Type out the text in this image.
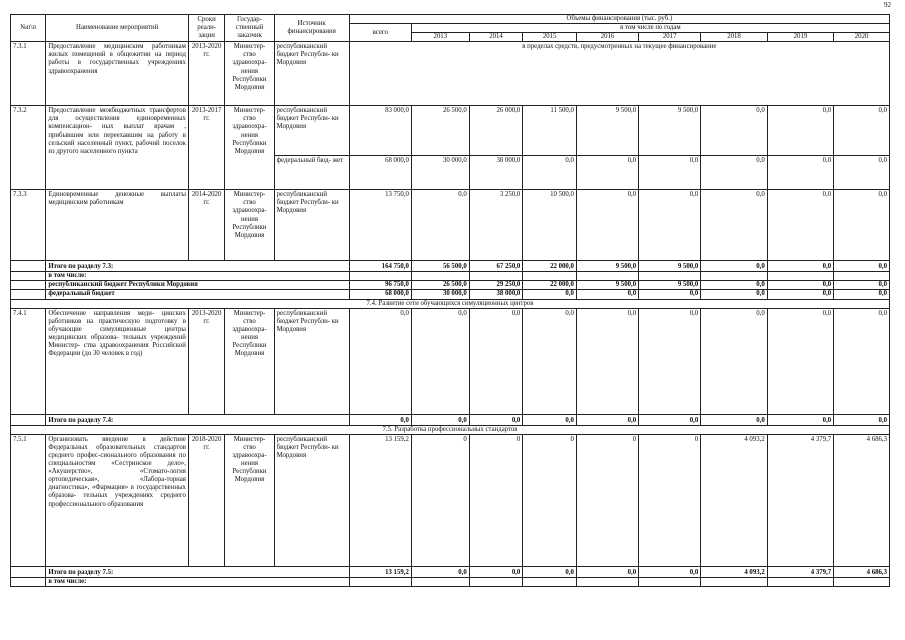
92
№п\п	Наименование мероприятий	Сроки реали- зации	Государ- ственный заказчик	Источник финансирования	Объемы финансирования (тыс. руб.)								
					всего	в том числе по годам							
						2013	2014	2015	2016	2017	2018	2019	2020
7.3.1	Предоставление медицинским работникам жилых помещений в общежитии на период работы в государственных учреждениях здравоохранения	2013-2020 гг.	Министер- ство здравоохра- нения Республики Мордовия	республиканский бюджет Республи- ки Мордовия	в пределах средств, предусмотренных на текущее финансирование								
7.3.2	Предоставление межбюджетных трансфертов для осуществления единовременных компенсацион- ных выплат врачам , прибывшим или переехавшим на работу в сельский населенный пункт, рабочий поселок из другого населенного пункта	2013-2017 гг.	Министер- ство здравоохра- нения Республики Мордовия	республиканский бюджет Республи- ки Мордовия	83 000,0	26 500,0	26 000,0	11 500,0	9 500,0	9 500,0	0,0	0,0	0,0
				федеральный бюд- жет	68 000,0	30 000,0	38 000,0	0,0	0,0	0,0	0,0	0,0	0,0
7.3.3	Единовременные денежные выплаты медицинским работникам	2014-2020 гг.	Министер- ство здравоохра- нения Республики Мордовия	республиканский бюджет Республи- ки Мордовия	13 750,0	0,0	3 250,0	10 500,0	0,0	0,0	0,0	0,0	0,0
	Итого по разделу 7.3:				164 750,0	56 500,0	67 250,0	22 000,0	9 500,0	9 500,0	0,0	0,0	0,0
	в том числе:												
	республиканский бюджет Республики Мордовия				96 750,0	26 500,0	29 250,0	22 000,0	9 500,0	9 500,0	0,0	0,0	0,0
	федеральный бюджет				68 000,0	30 000,0	38 000,0	0,0	0,0	0,0	0,0	0,0	0,0
7.4. Развитие сети обучающихся симуляционных центров													
7.4.1	Обеспечение направления меди- цинских работников на практическую подготовку в обучающие симуляционные центры медицинских образова- тельных учреждений Министер- ства здравоохранения Российской Федерации (до 30 человек в год)	2013-2020 гг.	Министер- ство здравоохра- нения Республики Мордовия	республиканский бюджет Республи- ки Мордовия	0,0	0,0	0,0	0,0	0,0	0,0	0,0	0,0	0,0
	Итого по разделу 7.4:				0,0	0,0	0,0	0,0	0,0	0,0	0,0	0,0	0,0
7.5. Разработка профессиональных стандартов													
7.5.1	Организовать введение в действие Федеральных образовательных стандартов среднего профес-сионального образования по специальностям «Сестринское дело», «Акушерство», «Стомато-логия ортопедическая», «Лабора-торная диагностика», «Фармация» в государственных образова- тельных учреждениях среднего профессионального образования	2018-2020 гг.	Министер- ство здравоохра- нения Республики Мордовия	республиканский бюджет Республи- ки Мордовия	13 159,2	0	0	0	0	0	4 093,2	4 379,7	4 686,3
	Итого по разделу 7.5:				13 159,2	0,0	0,0	0,0	0,0	0,0	4 093,2	4 379,7	4 686,3
	в том числе:												
